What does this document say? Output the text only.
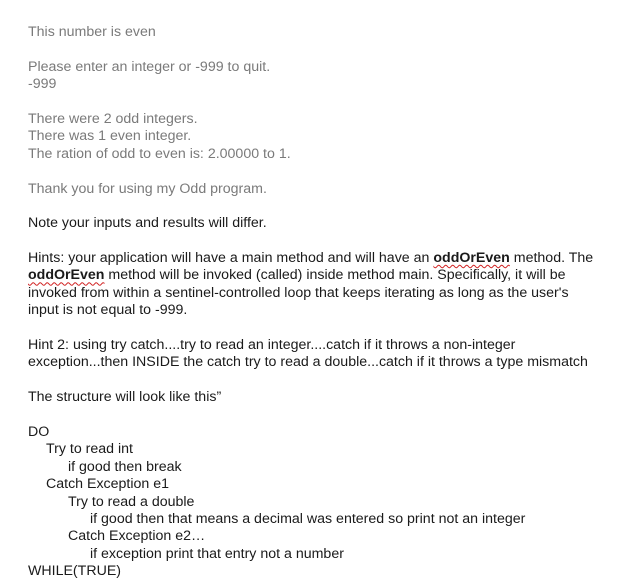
This number is even
Please enter an integer or -999 to quit.
-999
There were 2 odd integers.
There was 1 even integer.
The ration of odd to even is: 2.00000 to 1.
Thank you for using my Odd program.
Note your inputs and results will differ.
Hints: your application will have a main method and will have an oddOrEven method. The
oddOrEven method will be invoked (called) inside method main. Specifically, it will be
invoked from within a sentinel-controlled loop that keeps iterating as long as the user's
input is not equal to -999.
Hint 2: using try catch....try to read an integer....catch if it throws a non-integer
exception...then INSIDE the catch try to read a double...catch if it throws a type mismatch
The structure will look like this”
DO
Try to read int
if good then break
Catch Exception e1
Try to read a double
if good then that means a decimal was entered so print not an integer
Catch Exception e2…
if exception print that entry not a number
WHILE(TRUE)
